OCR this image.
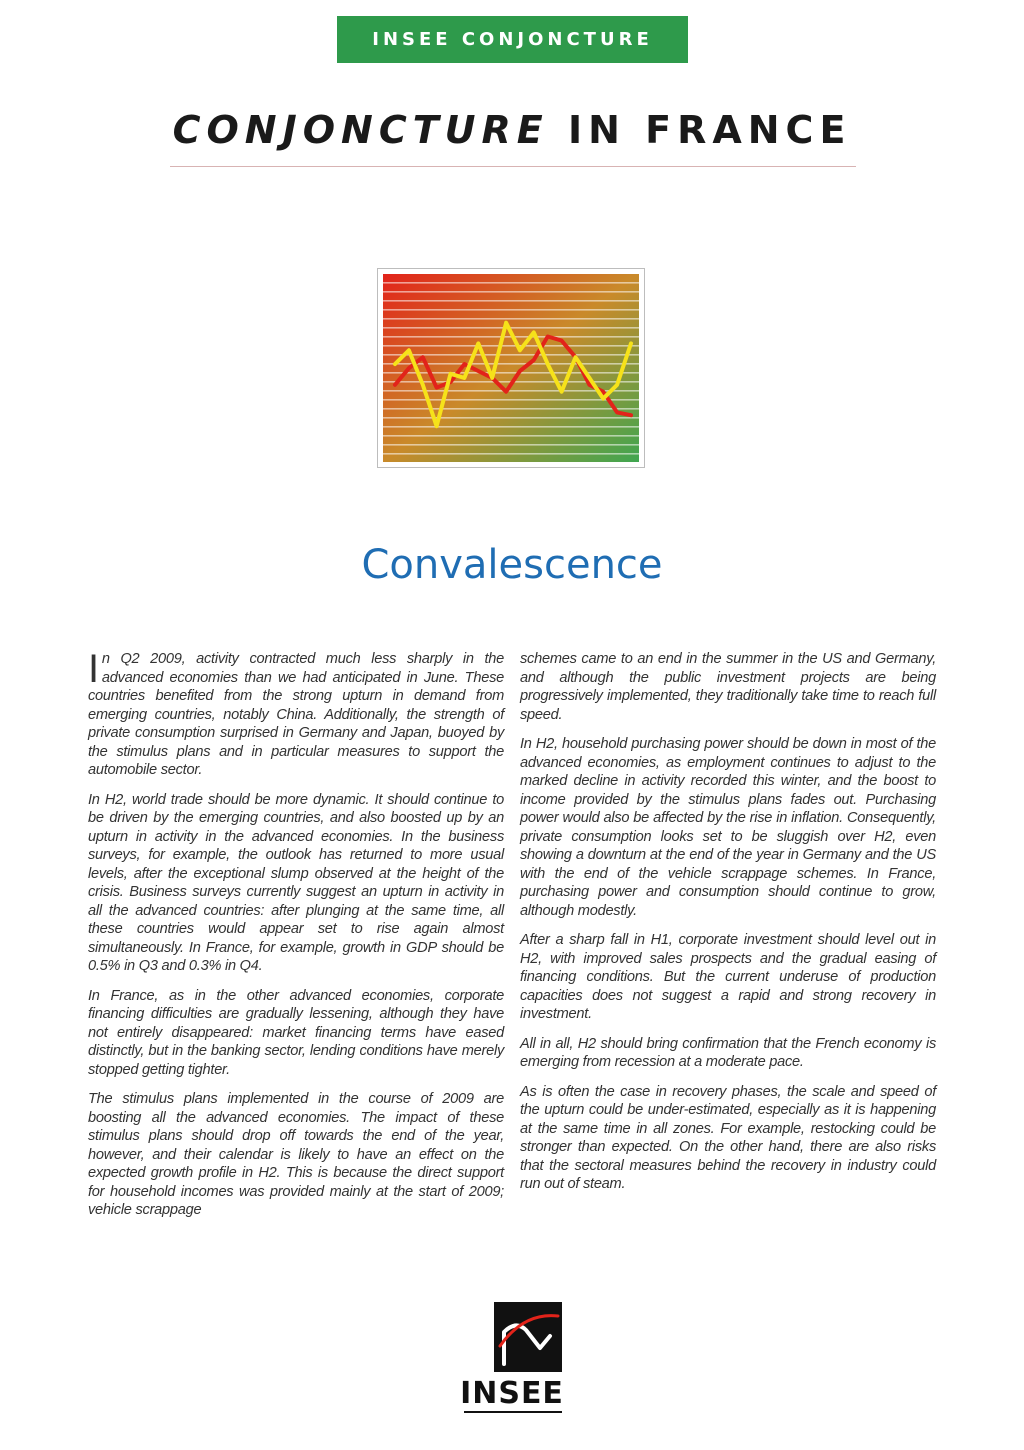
INSEE CONJONCTURE
CONJONCTURE IN FRANCE
Convalescence

In Q2 2009, activity contracted much less sharply in the advanced economies than we had anticipated in June. These countries benefited from the strong upturn in demand from emerging countries, notably China. Additionally, the strength of private consumption surprised in Germany and Japan, buoyed by the stimulus plans and in particular measures to support the automobile sector.

In H2, world trade should be more dynamic. It should continue to be driven by the emerging countries, and also boosted up by an upturn in activity in the advanced economies. In the business surveys, for example, the outlook has returned to more usual levels, after the exceptional slump observed at the height of the crisis. Business surveys currently suggest an upturn in activity in all the advanced countries: after plunging at the same time, all these countries would appear set to rise again almost simultaneously. In France, for example, growth in GDP should be 0.5% in Q3 and 0.3% in Q4.

In France, as in the other advanced economies, corporate financing difficulties are gradually lessening, although they have not entirely disappeared: market financing terms have eased distinctly, but in the banking sector, lending conditions have merely stopped getting tighter.

The stimulus plans implemented in the course of 2009 are boosting all the advanced economies. The impact of these stimulus plans should drop off towards the end of the year, however, and their calendar is likely to have an effect on the expected growth profile in H2. This is because the direct support for household incomes was provided mainly at the start of 2009; vehicle scrappage

schemes came to an end in the summer in the US and Germany, and although the public investment projects are being progressively implemented, they traditionally take time to reach full speed.

In H2, household purchasing power should be down in most of the advanced economies, as employment continues to adjust to the marked decline in activity recorded this winter, and the boost to income provided by the stimulus plans fades out. Purchasing power would also be affected by the rise in inflation. Consequently, private consumption looks set to be sluggish over H2, even showing a downturn at the end of the year in Germany and the US with the end of the vehicle scrappage schemes. In France, purchasing power and consumption should continue to grow, although modestly.

After a sharp fall in H1, corporate investment should level out in H2, with improved sales prospects and the gradual easing of financing conditions. But the current underuse of production capacities does not suggest a rapid and strong recovery in investment.

All in all, H2 should bring confirmation that the French economy is emerging from recession at a moderate pace.

As is often the case in recovery phases, the scale and speed of the upturn could be under-estimated, especially as it is happening at the same time in all zones. For example, restocking could be stronger than expected. On the other hand, there are also risks that the sectoral measures behind the recovery in industry could run out of steam.

INSEE
